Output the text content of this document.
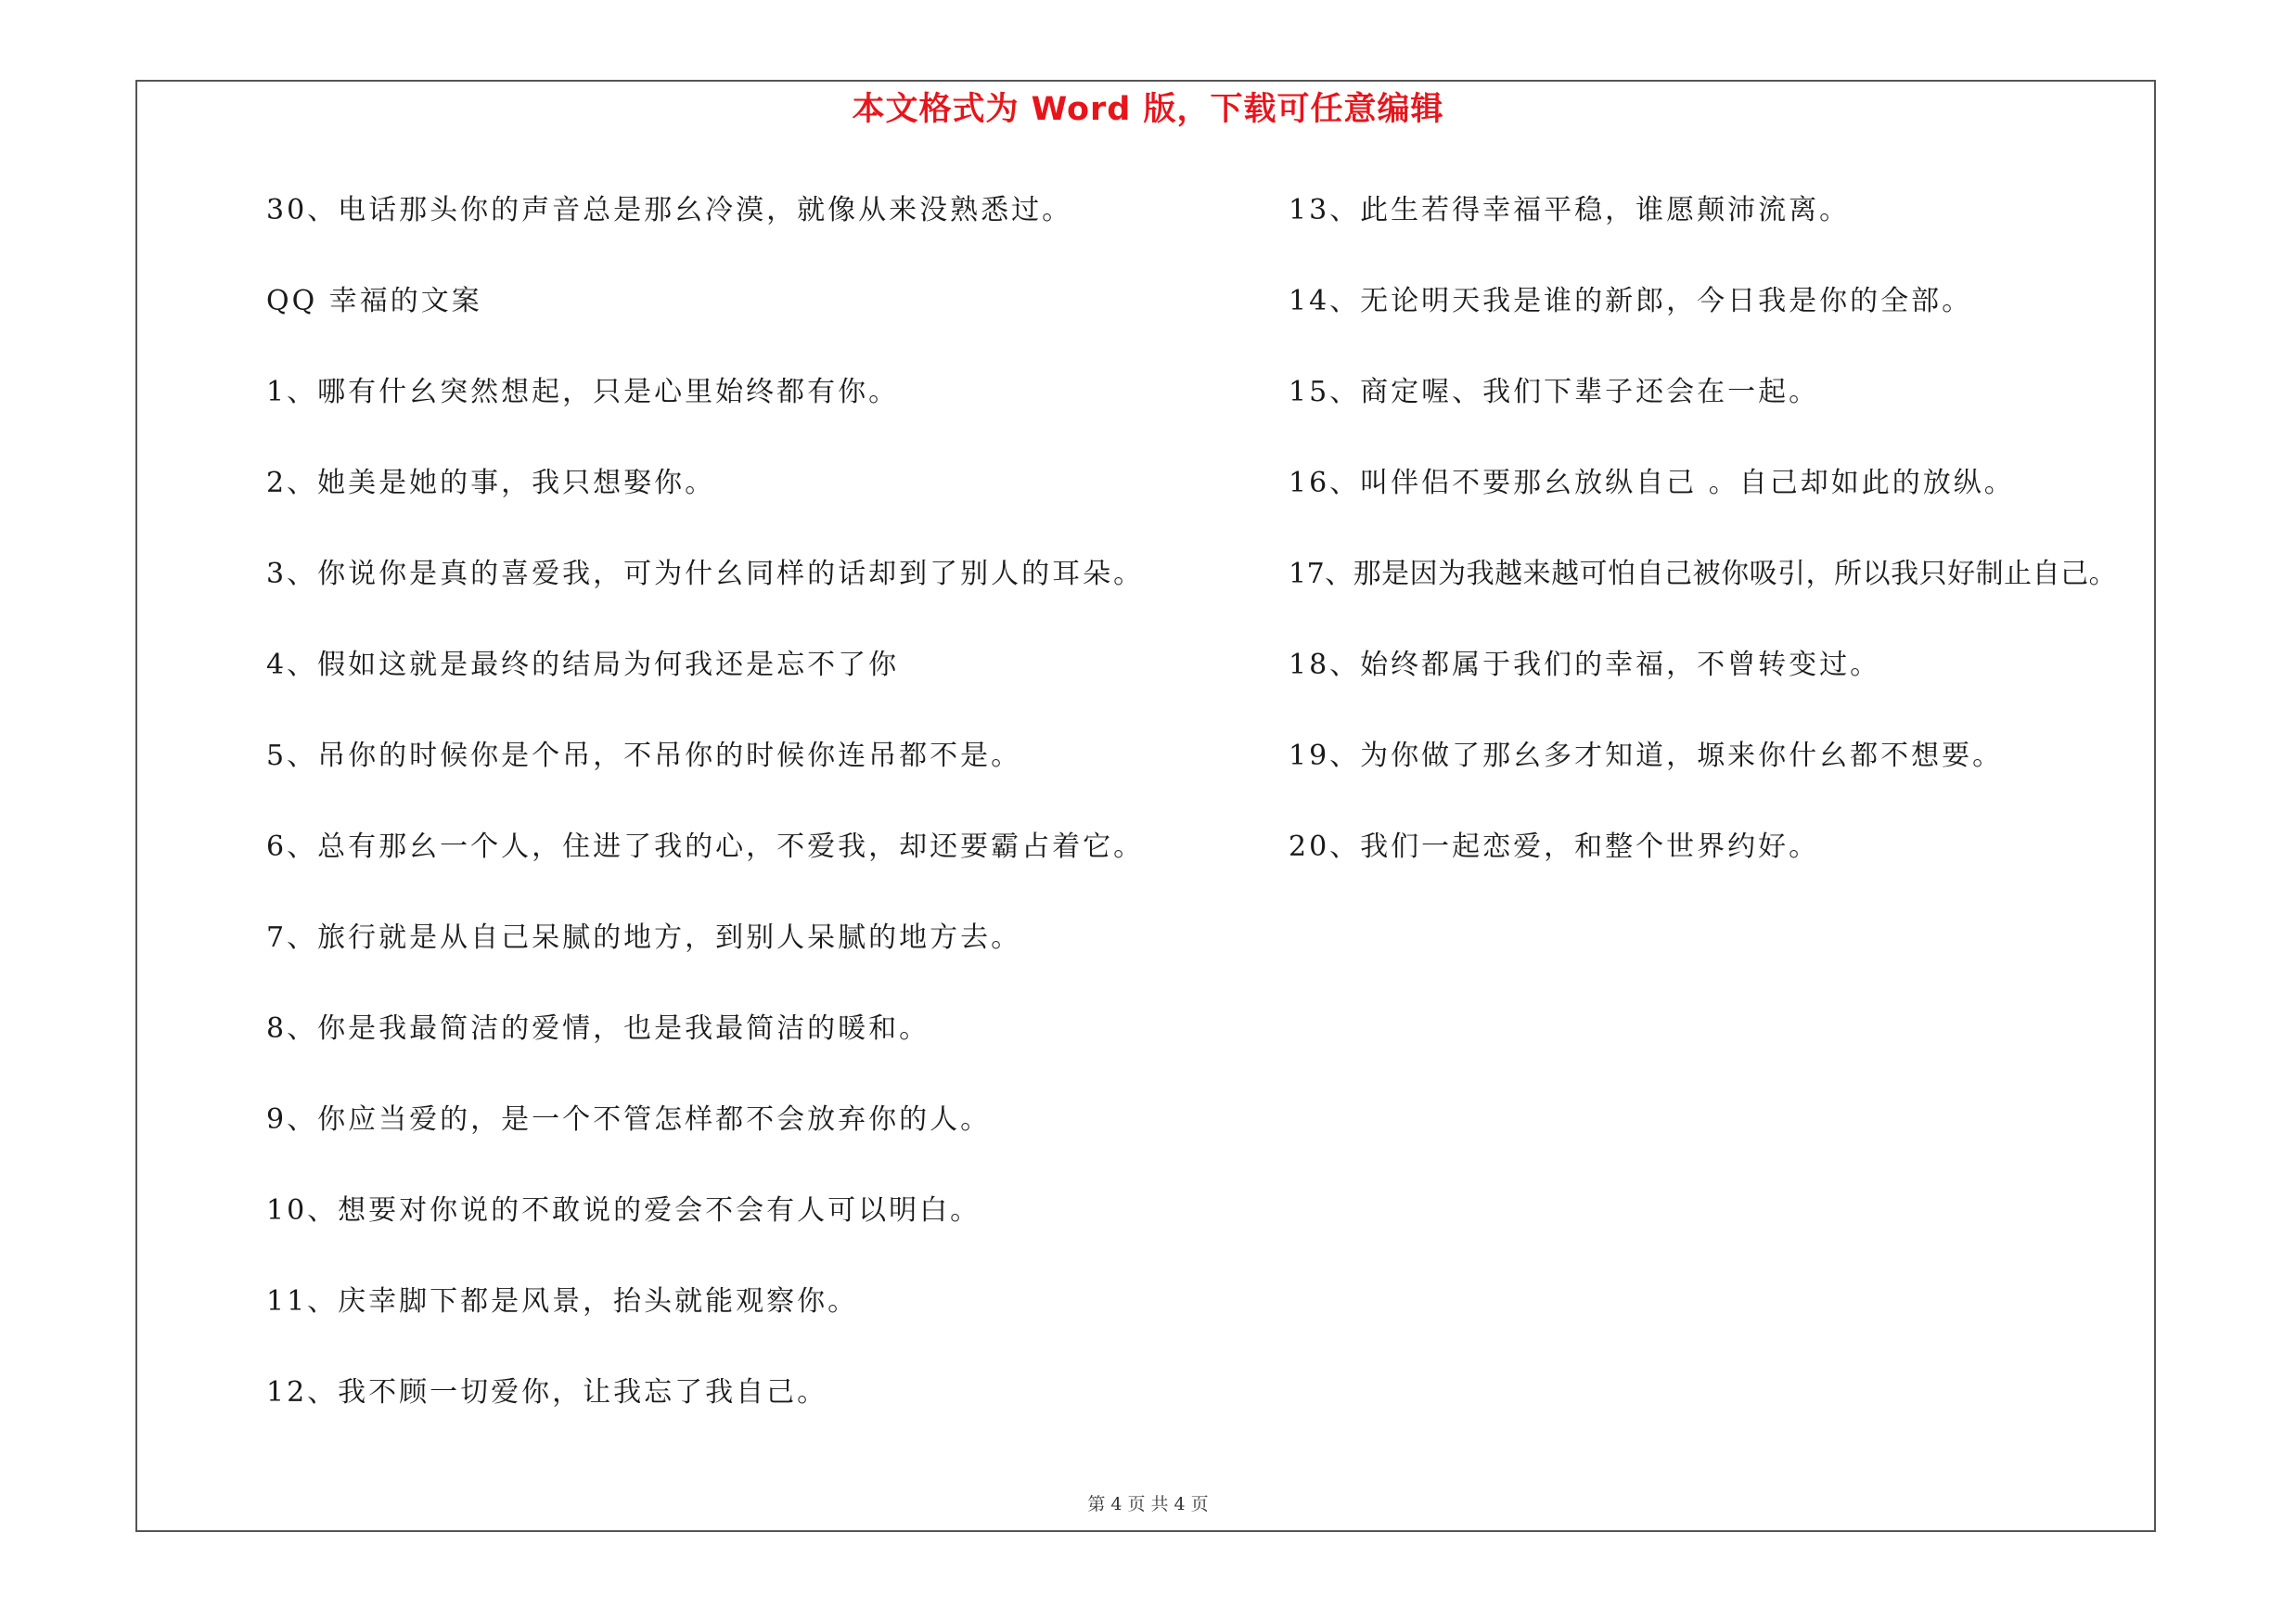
本文格式为 Word 版，下载可任意编辑
30、电话那头你的声音总是那幺冷漠，就像从来没熟悉过。
QQ 幸福的文案
1、哪有什幺突然想起，只是心里始终都有你。
2、她美是她的事，我只想娶你。
3、你说你是真的喜爱我，可为什幺同样的话却到了别人的耳朵。
4、假如这就是最终的结局为何我还是忘不了你
5、吊你的时候你是个吊，不吊你的时候你连吊都不是。
6、总有那幺一个人，住进了我的心，不爱我，却还要霸占着它。
7、旅行就是从自己呆腻的地方，到别人呆腻的地方去。
8、你是我最简洁的爱情，也是我最简洁的暖和。
9、你应当爱的，是一个不管怎样都不会放弃你的人。
10、想要对你说的不敢说的爱会不会有人可以明白。
11、庆幸脚下都是风景，抬头就能观察你。
12、我不顾一切爱你，让我忘了我自己。
13、此生若得幸福平稳，谁愿颠沛流离。
14、无论明天我是谁的新郎，今日我是你的全部。
15、商定喔、我们下辈子还会在一起。
16、叫伴侣不要那幺放纵自己 。自己却如此的放纵。
17、那是因为我越来越可怕自己被你吸引，所以我只好制止自己。
18、始终都属于我们的幸福，不曾转变过。
19、为你做了那幺多才知道，塬来你什幺都不想要。
20、我们一起恋爱，和整个世界约好。
第 4 页 共 4 页
